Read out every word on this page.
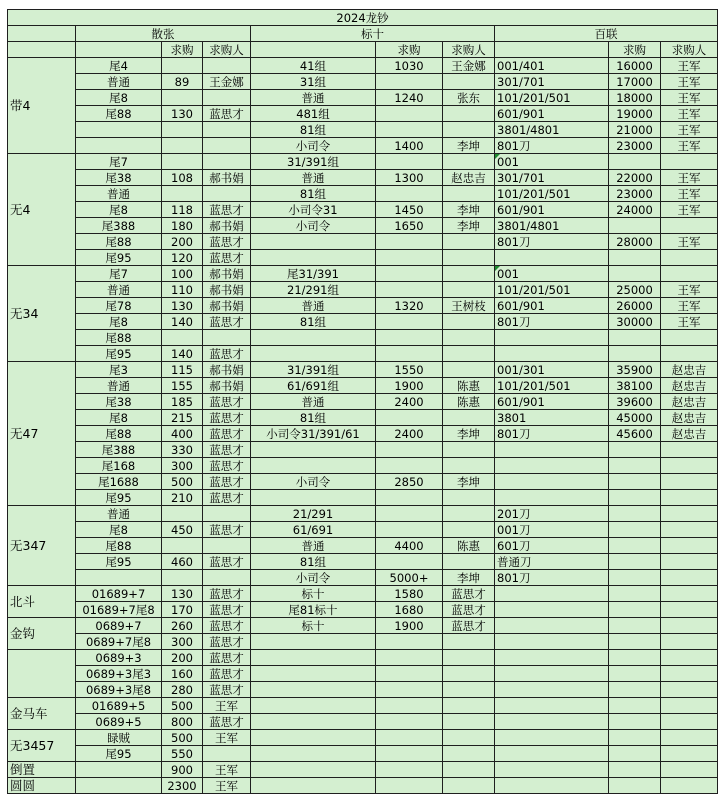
2024龙钞									
	散张			标十			百联		
		求购	求购人		求购	求购人		求购	求购人
带4	尾4			41组	1030	王金娜	001/401	16000	王军
	普通	89	王金娜	31组			301/701	17000	王军
	尾8			普通	1240	张东	101/201/501	18000	王军
	尾88	130	蓝思才	481组			601/901	19000	王军
				81组			3801/4801	21000	王军
				小司令	1400	李坤	801刀	23000	王军
无4	尾7			31/391组			001		
	尾38	108	郝书娟	普通	1300	赵忠吉	301/701	22000	王军
	普通			81组			101/201/501	23000	王军
	尾8	118	蓝思才	小司令31	1450	李坤	601/901	24000	王军
	尾388	180	郝书娟	小司令	1650	李坤	3801/4801		
	尾88	200	蓝思才				801刀	28000	王军
	尾95	120	蓝思才						
无34	尾7	100	郝书娟	尾31/391			001		
	普通	110	郝书娟	21/291组			101/201/501	25000	王军
	尾78	130	郝书娟	普通	1320	王树枝	601/901	26000	王军
	尾8	140	蓝思才	81组			801刀	30000	王军
	尾88								
	尾95	140	蓝思才						
无47	尾3	115	郝书娟	31/391组	1550		001/301	35900	赵忠吉
	普通	155	郝书娟	61/691组	1900	陈惠	101/201/501	38100	赵忠吉
	尾38	185	蓝思才	普通	2400	陈惠	601/901	39600	赵忠吉
	尾8	215	蓝思才	81组			3801	45000	赵忠吉
	尾88	400	蓝思才	小司令31/391/61	2400	李坤	801刀	45600	赵忠吉
	尾388	330	蓝思才						
	尾168	300	蓝思才						
	尾1688	500	蓝思才	小司令	2850	李坤			
	尾95	210	蓝思才						
无347	普通			21/291			201刀		
	尾8	450	蓝思才	61/691			001刀		
	尾88			普通	4400	陈惠	601刀		
	尾95	460	蓝思才	81组			普通刀		
				小司令	5000+	李坤	801刀		
北斗	01689+7	130	蓝思才	标十	1580	蓝思才			
	01689+7尾8	170	蓝思才	尾81标十	1680	蓝思才			
金钩	0689+7	260	蓝思才	标十	1900	蓝思才			
	0689+7尾8	300	蓝思才						
	0689+3	200	蓝思才						
	0689+3尾3	160	蓝思才						
	0689+3尾8	280	蓝思才						
金马车	01689+5	500	王军						
	0689+5	800	蓝思才						
无3457	睩贼	500	王军						
	尾95	550							
倒置		900	王军						
圆圆		2300	王军						
